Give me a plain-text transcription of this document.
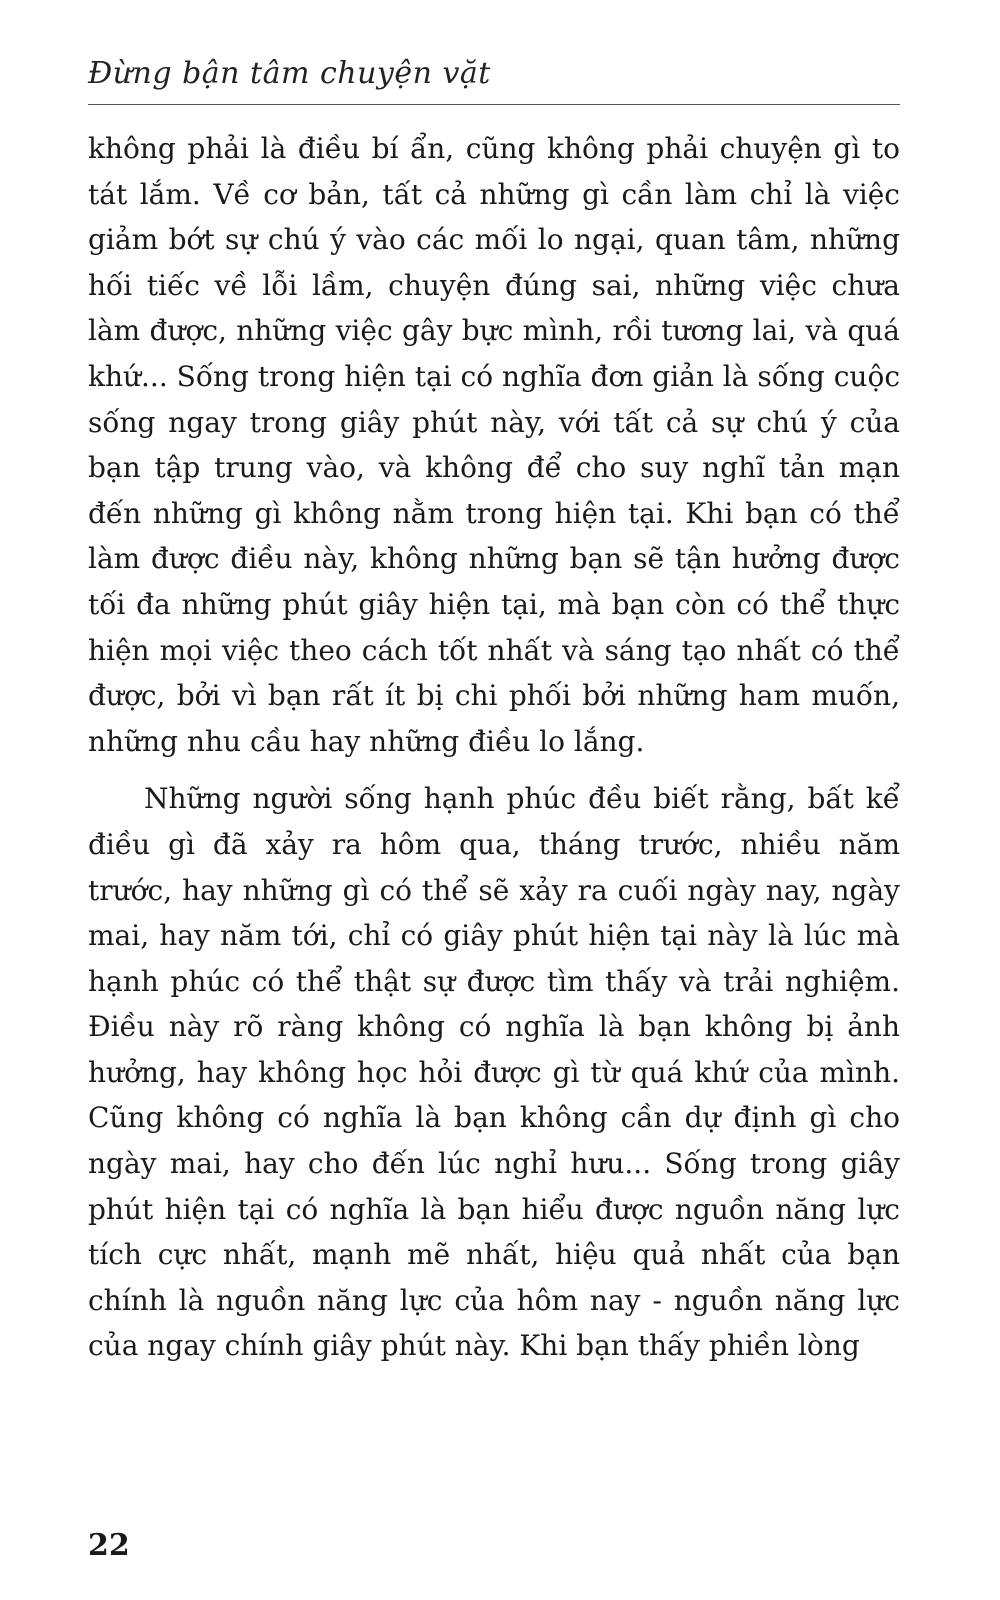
Đừng bận tâm chuyện vặt

không phải là điều bí ẩn, cũng không phải chuyện gì to tát lắm. Về cơ bản, tất cả những gì cần làm chỉ là việc giảm bớt sự chú ý vào các mối lo ngại, quan tâm, những hối tiếc về lỗi lầm, chuyện đúng sai, những việc chưa làm được, những việc gây bực mình, rồi tương lai, và quá khứ... Sống trong hiện tại có nghĩa đơn giản là sống cuộc sống ngay trong giây phút này, với tất cả sự chú ý của bạn tập trung vào, và không để cho suy nghĩ tản mạn đến những gì không nằm trong hiện tại. Khi bạn có thể làm được điều này, không những bạn sẽ tận hưởng được tối đa những phút giây hiện tại, mà bạn còn có thể thực hiện mọi việc theo cách tốt nhất và sáng tạo nhất có thể được, bởi vì bạn rất ít bị chi phối bởi những ham muốn, những nhu cầu hay những điều lo lắng.

Những người sống hạnh phúc đều biết rằng, bất kể điều gì đã xảy ra hôm qua, tháng trước, nhiều năm trước, hay những gì có thể sẽ xảy ra cuối ngày nay, ngày mai, hay năm tới, chỉ có giây phút hiện tại này là lúc mà hạnh phúc có thể thật sự được tìm thấy và trải nghiệm. Điều này rõ ràng không có nghĩa là bạn không bị ảnh hưởng, hay không học hỏi được gì từ quá khứ của mình. Cũng không có nghĩa là bạn không cần dự định gì cho ngày mai, hay cho đến lúc nghỉ hưu... Sống trong giây phút hiện tại có nghĩa là bạn hiểu được nguồn năng lực tích cực nhất, mạnh mẽ nhất, hiệu quả nhất của bạn chính là nguồn năng lực của hôm nay - nguồn năng lực của ngay chính giây phút này. Khi bạn thấy phiền lòng

22
